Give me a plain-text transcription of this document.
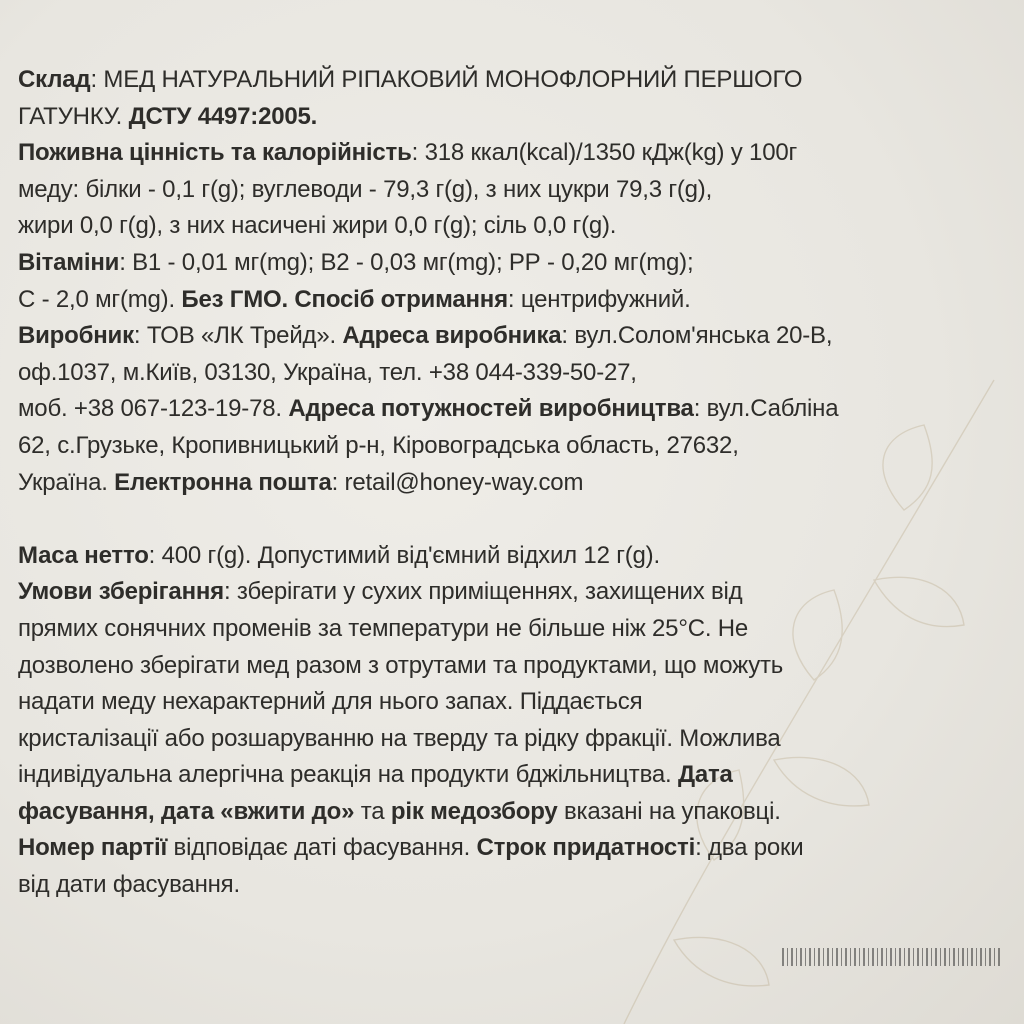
Склад: МЕД НАТУРАЛЬНИЙ РІПАКОВИЙ МОНОФЛОРНИЙ ПЕРШОГО
ГАТУНКУ. ДСТУ 4497:2005.
Поживна цінність та калорійність: 318 ккал(kcal)/1350 кДж(kg) у 100г
меду: білки - 0,1 г(g); вуглеводи - 79,3 г(g), з них цукри 79,3 г(g),
жири 0,0 г(g), з них насичені жири 0,0 г(g); сіль 0,0 г(g).
Вітаміни: В1 - 0,01 мг(mg); В2 - 0,03 мг(mg); РР - 0,20 мг(mg);
С - 2,0 мг(mg). Без ГМО. Спосіб отримання: центрифужний.
Виробник: ТОВ «ЛК Трейд». Адреса виробника: вул.Солом'янська 20-В,
оф.1037, м.Київ, 03130, Україна, тел. +38 044-339-50-27,
моб. +38 067-123-19-78. Адреса потужностей виробництва: вул.Сабліна
62, с.Грузьке, Кропивницький р-н, Кіровоградська область, 27632,
Україна. Електронна пошта: retail@honey-way.com
Маса нетто: 400 г(g). Допустимий від'ємний відхил 12 г(g).
Умови зберігання: зберігати у сухих приміщеннях, захищених від
прямих сонячних променів за температури не більше ніж 25°С. Не
дозволено зберігати мед разом з отрутами та продуктами, що можуть
надати меду нехарактерний для нього запах. Піддається
кристалізації або розшаруванню на тверду та рідку фракції. Можлива
індивідуальна алергічна реакція на продукти бджільництва. Дата
фасування, дата «вжити до» та рік медозбору вказані на упаковці.
Номер партії відповідає даті фасування. Строк придатності: два роки
від дати фасування.
